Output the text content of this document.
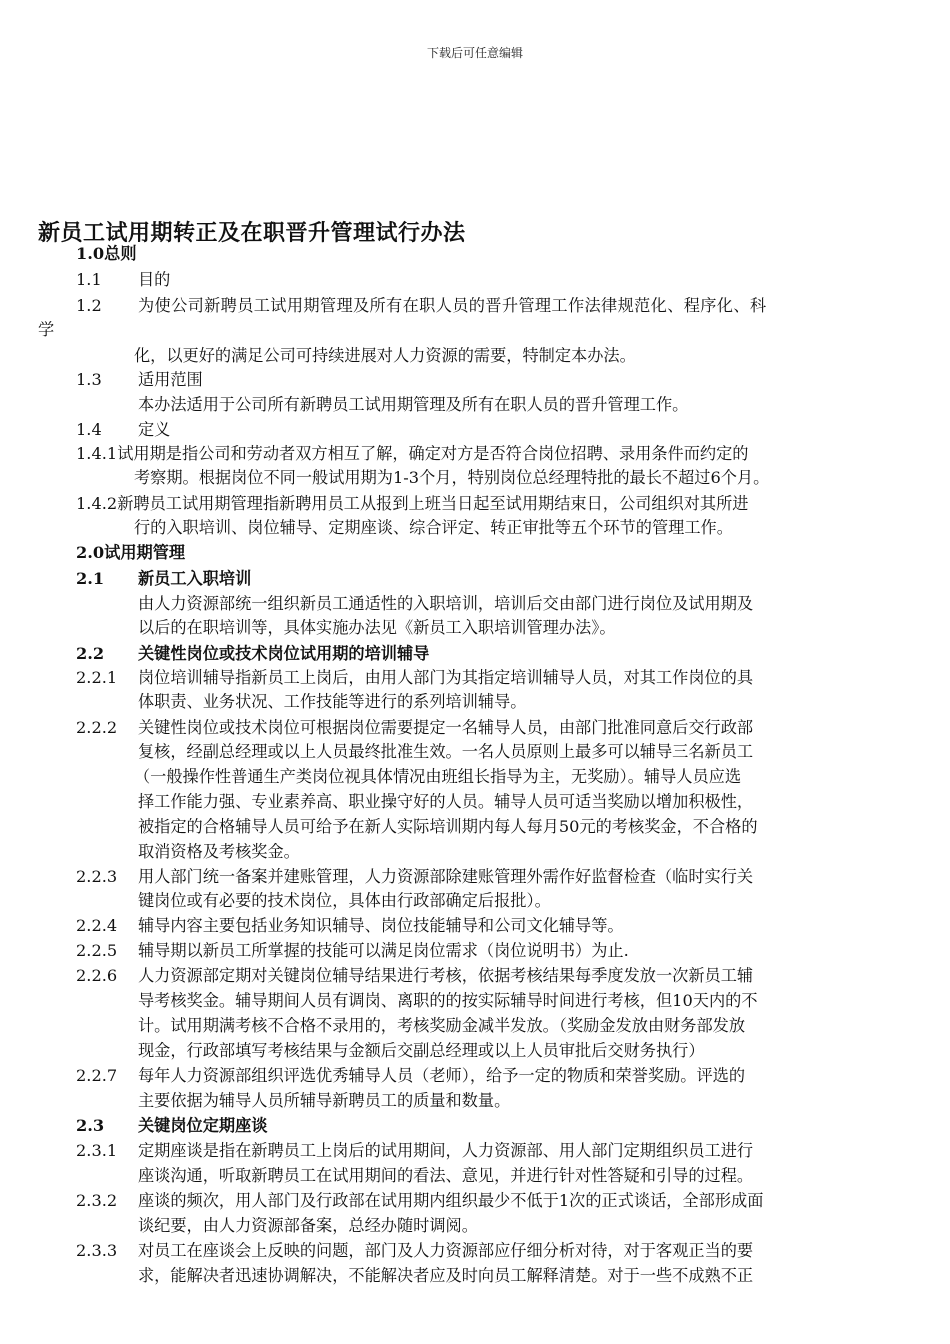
下载后可任意编辑
新员工试用期转正及在职晋升管理试行办法
1.0总则
1.1 目的
1.2 为使公司新聘员工试用期管理及所有在职人员的晋升管理工作法律规范化、程序化、科
学
化，以更好的满足公司可持续进展对人力资源的需要，特制定本办法。
1.3 适用范围
本办法适用于公司所有新聘员工试用期管理及所有在职人员的晋升管理工作。
1.4 定义
1.4.1试用期是指公司和劳动者双方相互了解，确定对方是否符合岗位招聘、录用条件而约定的
考察期。根据岗位不同一般试用期为1-3个月，特别岗位总经理特批的最长不超过6个月。
1.4.2新聘员工试用期管理指新聘用员工从报到上班当日起至试用期结束日，公司组织对其所进
行的入职培训、岗位辅导、定期座谈、综合评定、转正审批等五个环节的管理工作。
2.0试用期管理
2.1 新员工入职培训
由人力资源部统一组织新员工通适性的入职培训，培训后交由部门进行岗位及试用期及
以后的在职培训等，具体实施办法见《新员工入职培训管理办法》。
2.2 关键性岗位或技术岗位试用期的培训辅导
2.2.1 岗位培训辅导指新员工上岗后，由用人部门为其指定培训辅导人员，对其工作岗位的具
体职责、业务状况、工作技能等进行的系列培训辅导。
2.2.2 关键性岗位或技术岗位可根据岗位需要提定一名辅导人员，由部门批准同意后交行政部
复核，经副总经理或以上人员最终批准生效。一名人员原则上最多可以辅导三名新员工
（一般操作性普通生产类岗位视具体情况由班组长指导为主，无奖励）。辅导人员应选
择工作能力强、专业素养高、职业操守好的人员。辅导人员可适当奖励以增加积极性，
被指定的合格辅导人员可给予在新人实际培训期内每人每月50元的考核奖金，不合格的
取消资格及考核奖金。
2.2.3 用人部门统一备案并建账管理，人力资源部除建账管理外需作好监督检查（临时实行关
键岗位或有必要的技术岗位，具体由行政部确定后报批）。
2.2.4 辅导内容主要包括业务知识辅导、岗位技能辅导和公司文化辅导等。
2.2.5 辅导期以新员工所掌握的技能可以满足岗位需求（岗位说明书）为止.
2.2.6 人力资源部定期对关键岗位辅导结果进行考核，依据考核结果每季度发放一次新员工辅
导考核奖金。辅导期间人员有调岗、离职的的按实际辅导时间进行考核，但10天内的不
计。试用期满考核不合格不录用的，考核奖励金减半发放。（奖励金发放由财务部发放
现金，行政部填写考核结果与金额后交副总经理或以上人员审批后交财务执行）
2.2.7 每年人力资源部组织评选优秀辅导人员（老师），给予一定的物质和荣誉奖励。评选的
主要依据为辅导人员所辅导新聘员工的质量和数量。
2.3 关键岗位定期座谈
2.3.1 定期座谈是指在新聘员工上岗后的试用期间，人力资源部、用人部门定期组织员工进行
座谈沟通，听取新聘员工在试用期间的看法、意见，并进行针对性答疑和引导的过程。
2.3.2 座谈的频次，用人部门及行政部在试用期内组织最少不低于1次的正式谈话，全部形成面
谈纪要，由人力资源部备案，总经办随时调阅。
2.3.3 对员工在座谈会上反映的问题，部门及人力资源部应仔细分析对待，对于客观正当的要
求，能解决者迅速协调解决，不能解决者应及时向员工解释清楚。对于一些不成熟不正
